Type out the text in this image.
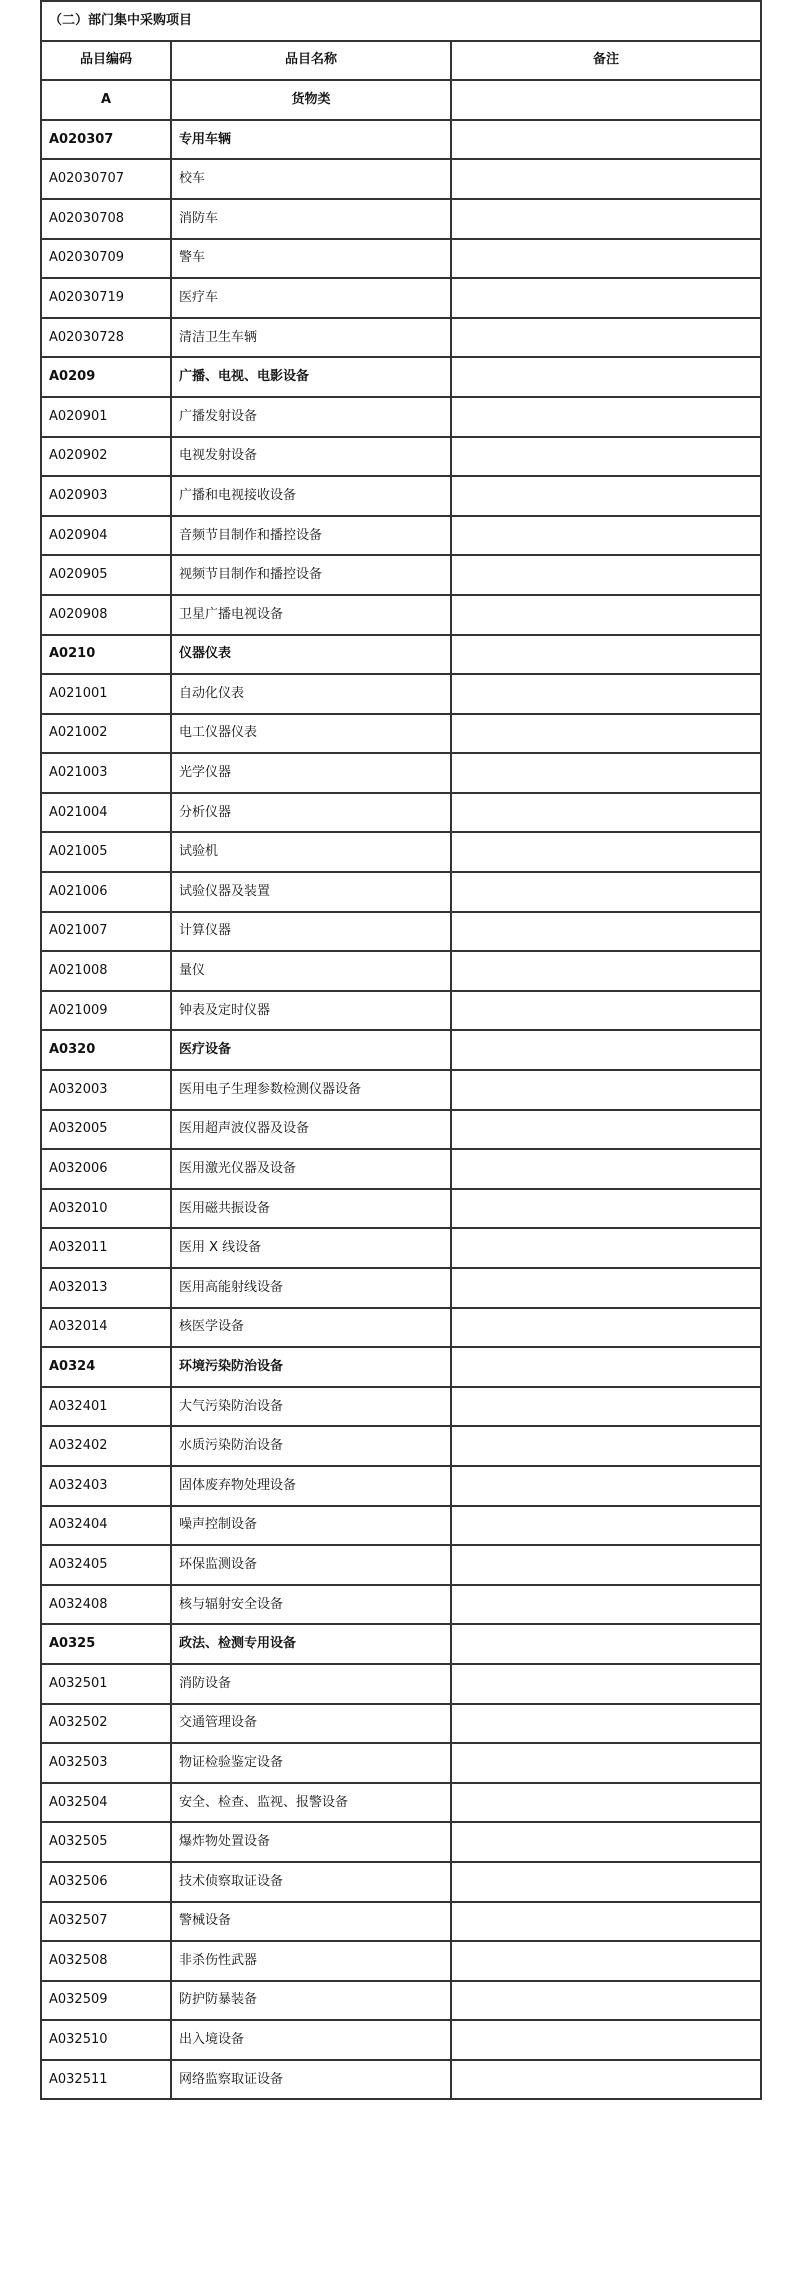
（二）部门集中采购项目		
品目编码	品目名称	备注
A	货物类	
A020307	专用车辆	
A02030707	校车	
A02030708	消防车	
A02030709	警车	
A02030719	医疗车	
A02030728	清洁卫生车辆	
A0209	广播、电视、电影设备	
A020901	广播发射设备	
A020902	电视发射设备	
A020903	广播和电视接收设备	
A020904	音频节目制作和播控设备	
A020905	视频节目制作和播控设备	
A020908	卫星广播电视设备	
A0210	仪器仪表	
A021001	自动化仪表	
A021002	电工仪器仪表	
A021003	光学仪器	
A021004	分析仪器	
A021005	试验机	
A021006	试验仪器及装置	
A021007	计算仪器	
A021008	量仪	
A021009	钟表及定时仪器	
A0320	医疗设备	
A032003	医用电子生理参数检测仪器设备	
A032005	医用超声波仪器及设备	
A032006	医用激光仪器及设备	
A032010	医用磁共振设备	
A032011	医用 X 线设备	
A032013	医用高能射线设备	
A032014	核医学设备	
A0324	环境污染防治设备	
A032401	大气污染防治设备	
A032402	水质污染防治设备	
A032403	固体废弃物处理设备	
A032404	噪声控制设备	
A032405	环保监测设备	
A032408	核与辐射安全设备	
A0325	政法、检测专用设备	
A032501	消防设备	
A032502	交通管理设备	
A032503	物证检验鉴定设备	
A032504	安全、检查、监视、报警设备	
A032505	爆炸物处置设备	
A032506	技术侦察取证设备	
A032507	警械设备	
A032508	非杀伤性武器	
A032509	防护防暴装备	
A032510	出入境设备	
A032511	网络监察取证设备	
